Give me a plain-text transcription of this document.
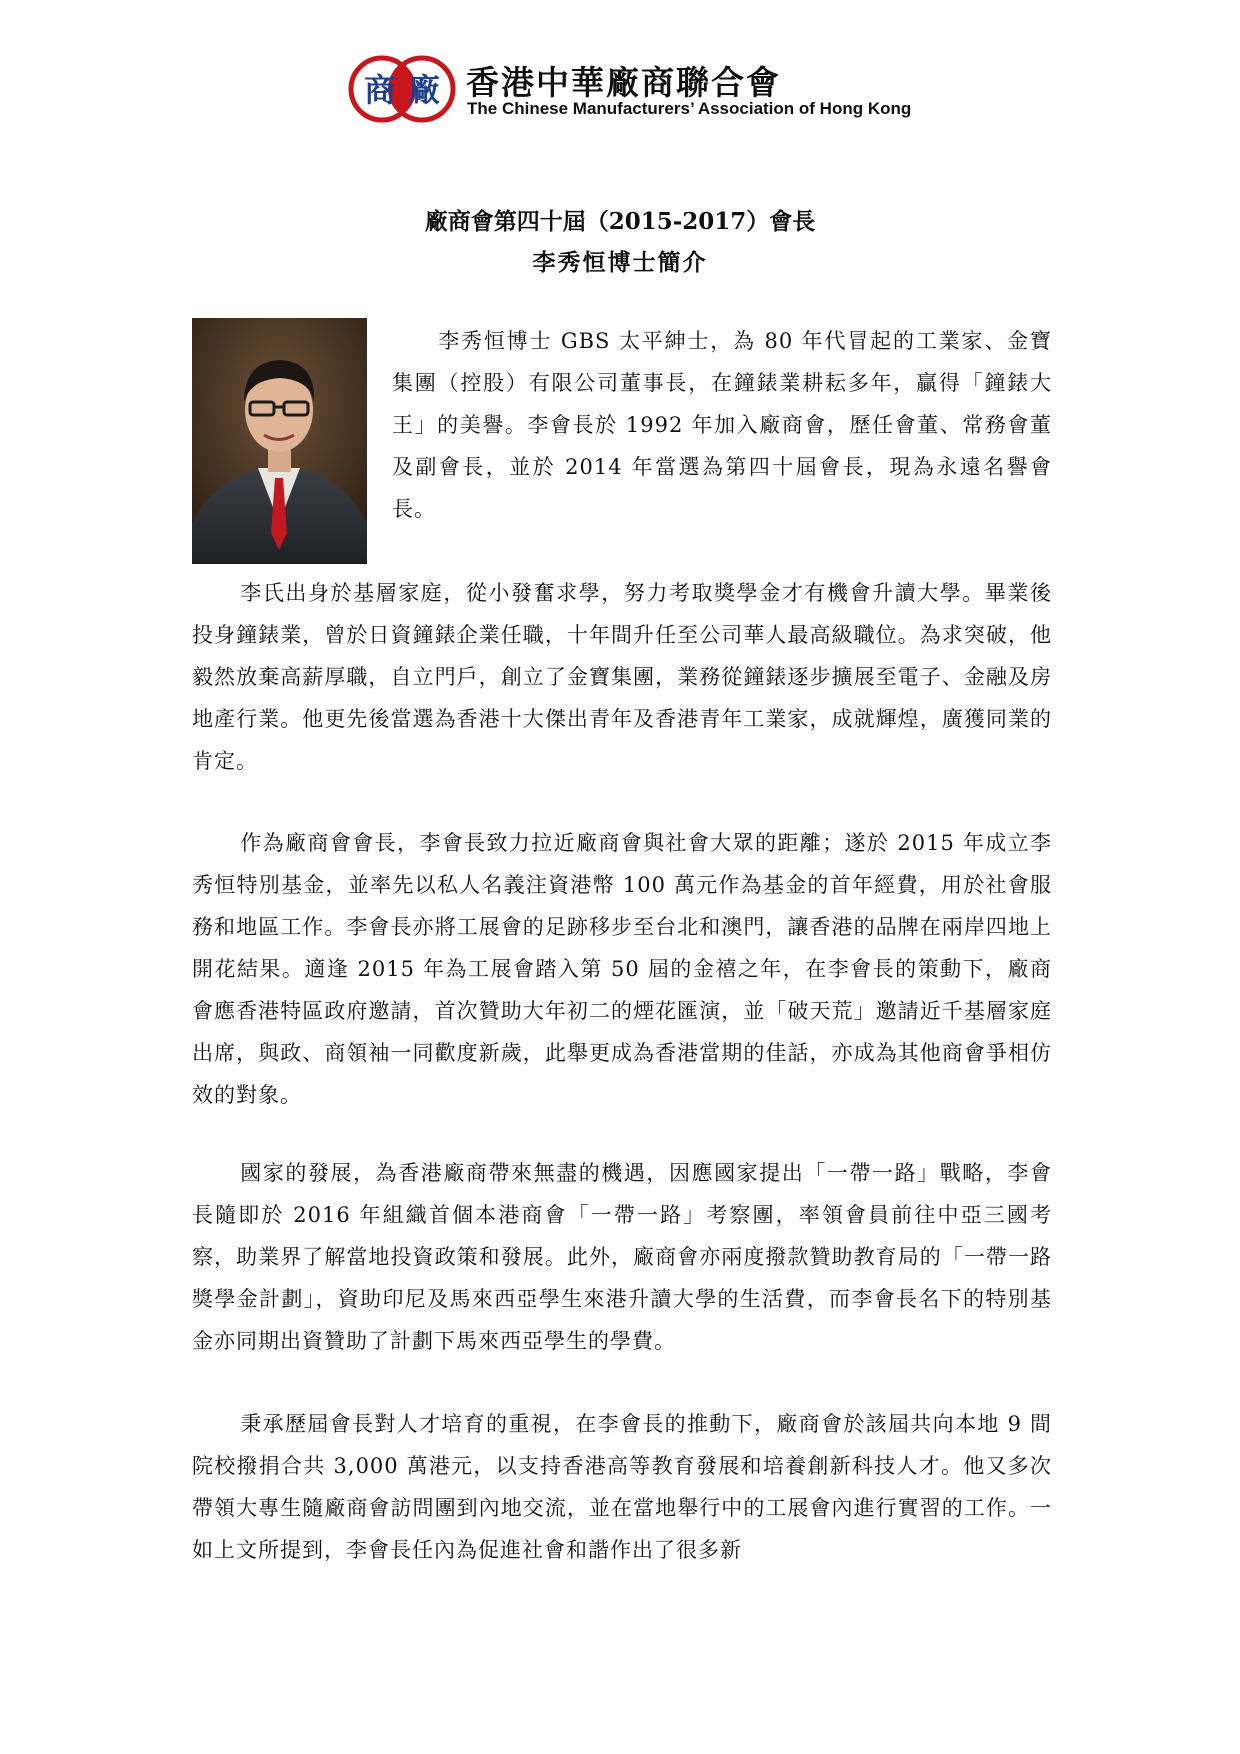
商 廠 香港中華廠商聯合會
The Chinese Manufacturers’ Association of Hong Kong
廠商會第四十屆（2015-2017）會長
李秀恒博士簡介

李秀恒博士 GBS 太平紳士，為 80 年代冒起的工業家、金寶集團（控股）有限公司董事長，在鐘錶業耕耘多年，贏得「鐘錶大王」的美譽。李會長於 1992 年加入廠商會，歷任會董、常務會董及副會長，並於 2014 年當選為第四十屆會長，現為永遠名譽會長。

李氏出身於基層家庭，從小發奮求學，努力考取獎學金才有機會升讀大學。畢業後投身鐘錶業，曾於日資鐘錶企業任職，十年間升任至公司華人最高級職位。為求突破，他毅然放棄高薪厚職，自立門戶，創立了金寶集團，業務從鐘錶逐步擴展至電子、金融及房地產行業。他更先後當選為香港十大傑出青年及香港青年工業家，成就輝煌，廣獲同業的肯定。

作為廠商會會長，李會長致力拉近廠商會與社會大眾的距離；遂於 2015 年成立李秀恒特別基金，並率先以私人名義注資港幣 100 萬元作為基金的首年經費，用於社會服務和地區工作。李會長亦將工展會的足跡移步至台北和澳門，讓香港的品牌在兩岸四地上開花結果。適逢 2015 年為工展會踏入第 50 屆的金禧之年，在李會長的策動下，廠商會應香港特區政府邀請，首次贊助大年初二的煙花匯演，並「破天荒」邀請近千基層家庭出席，與政、商領袖一同歡度新歲，此舉更成為香港當期的佳話，亦成為其他商會爭相仿效的對象。

國家的發展，為香港廠商帶來無盡的機遇，因應國家提出「一帶一路」戰略，李會長隨即於 2016 年組織首個本港商會「一帶一路」考察團，率領會員前往中亞三國考察，助業界了解當地投資政策和發展。此外，廠商會亦兩度撥款贊助教育局的「一帶一路獎學金計劃」，資助印尼及馬來西亞學生來港升讀大學的生活費，而李會長名下的特別基金亦同期出資贊助了計劃下馬來西亞學生的學費。

秉承歷屆會長對人才培育的重視，在李會長的推動下，廠商會於該屆共向本地 9 間院校撥捐合共 3,000 萬港元，以支持香港高等教育發展和培養創新科技人才。他又多次帶領大專生隨廠商會訪問團到內地交流，並在當地舉行中的工展會內進行實習的工作。一如上文所提到，李會長任內為促進社會和諧作出了很多新
